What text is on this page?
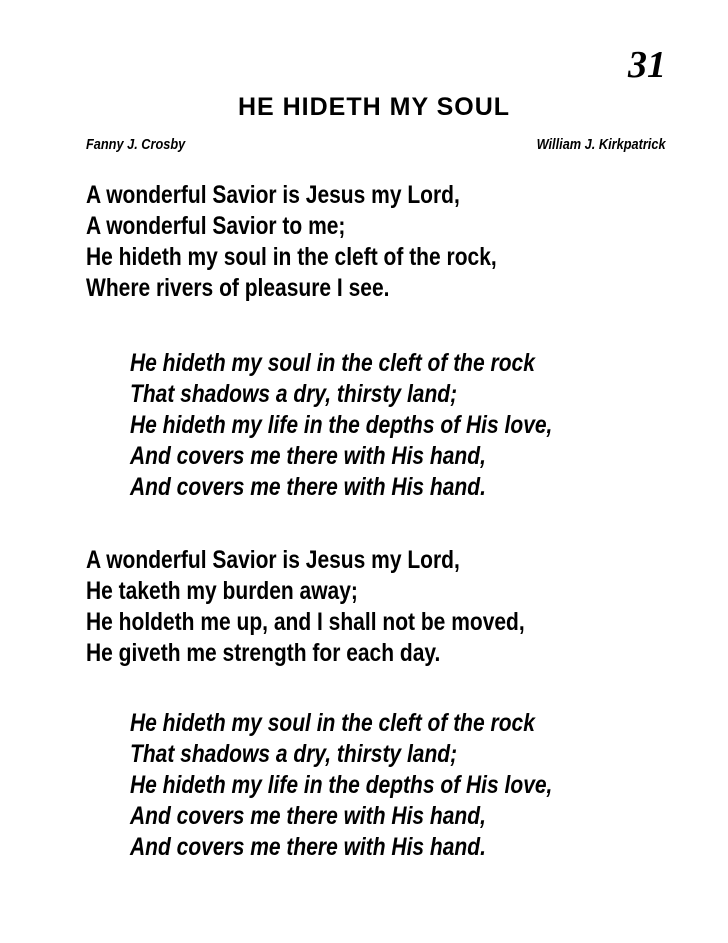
31
HE HIDETH MY SOUL
Fanny J. Crosby	William J. Kirkpatrick
A wonderful Savior is Jesus my Lord,
A wonderful Savior to me;
He hideth my soul in the cleft of the rock,
Where rivers of pleasure I see.
He hideth my soul in the cleft of the rock
That shadows a dry, thirsty land;
He hideth my life in the depths of His love,
And covers me there with His hand,
And covers me there with His hand.
A wonderful Savior is Jesus my Lord,
He taketh my burden away;
He holdeth me up, and I shall not be moved,
He giveth me strength for each day.
He hideth my soul in the cleft of the rock
That shadows a dry, thirsty land;
He hideth my life in the depths of His love,
And covers me there with His hand,
And covers me there with His hand.
